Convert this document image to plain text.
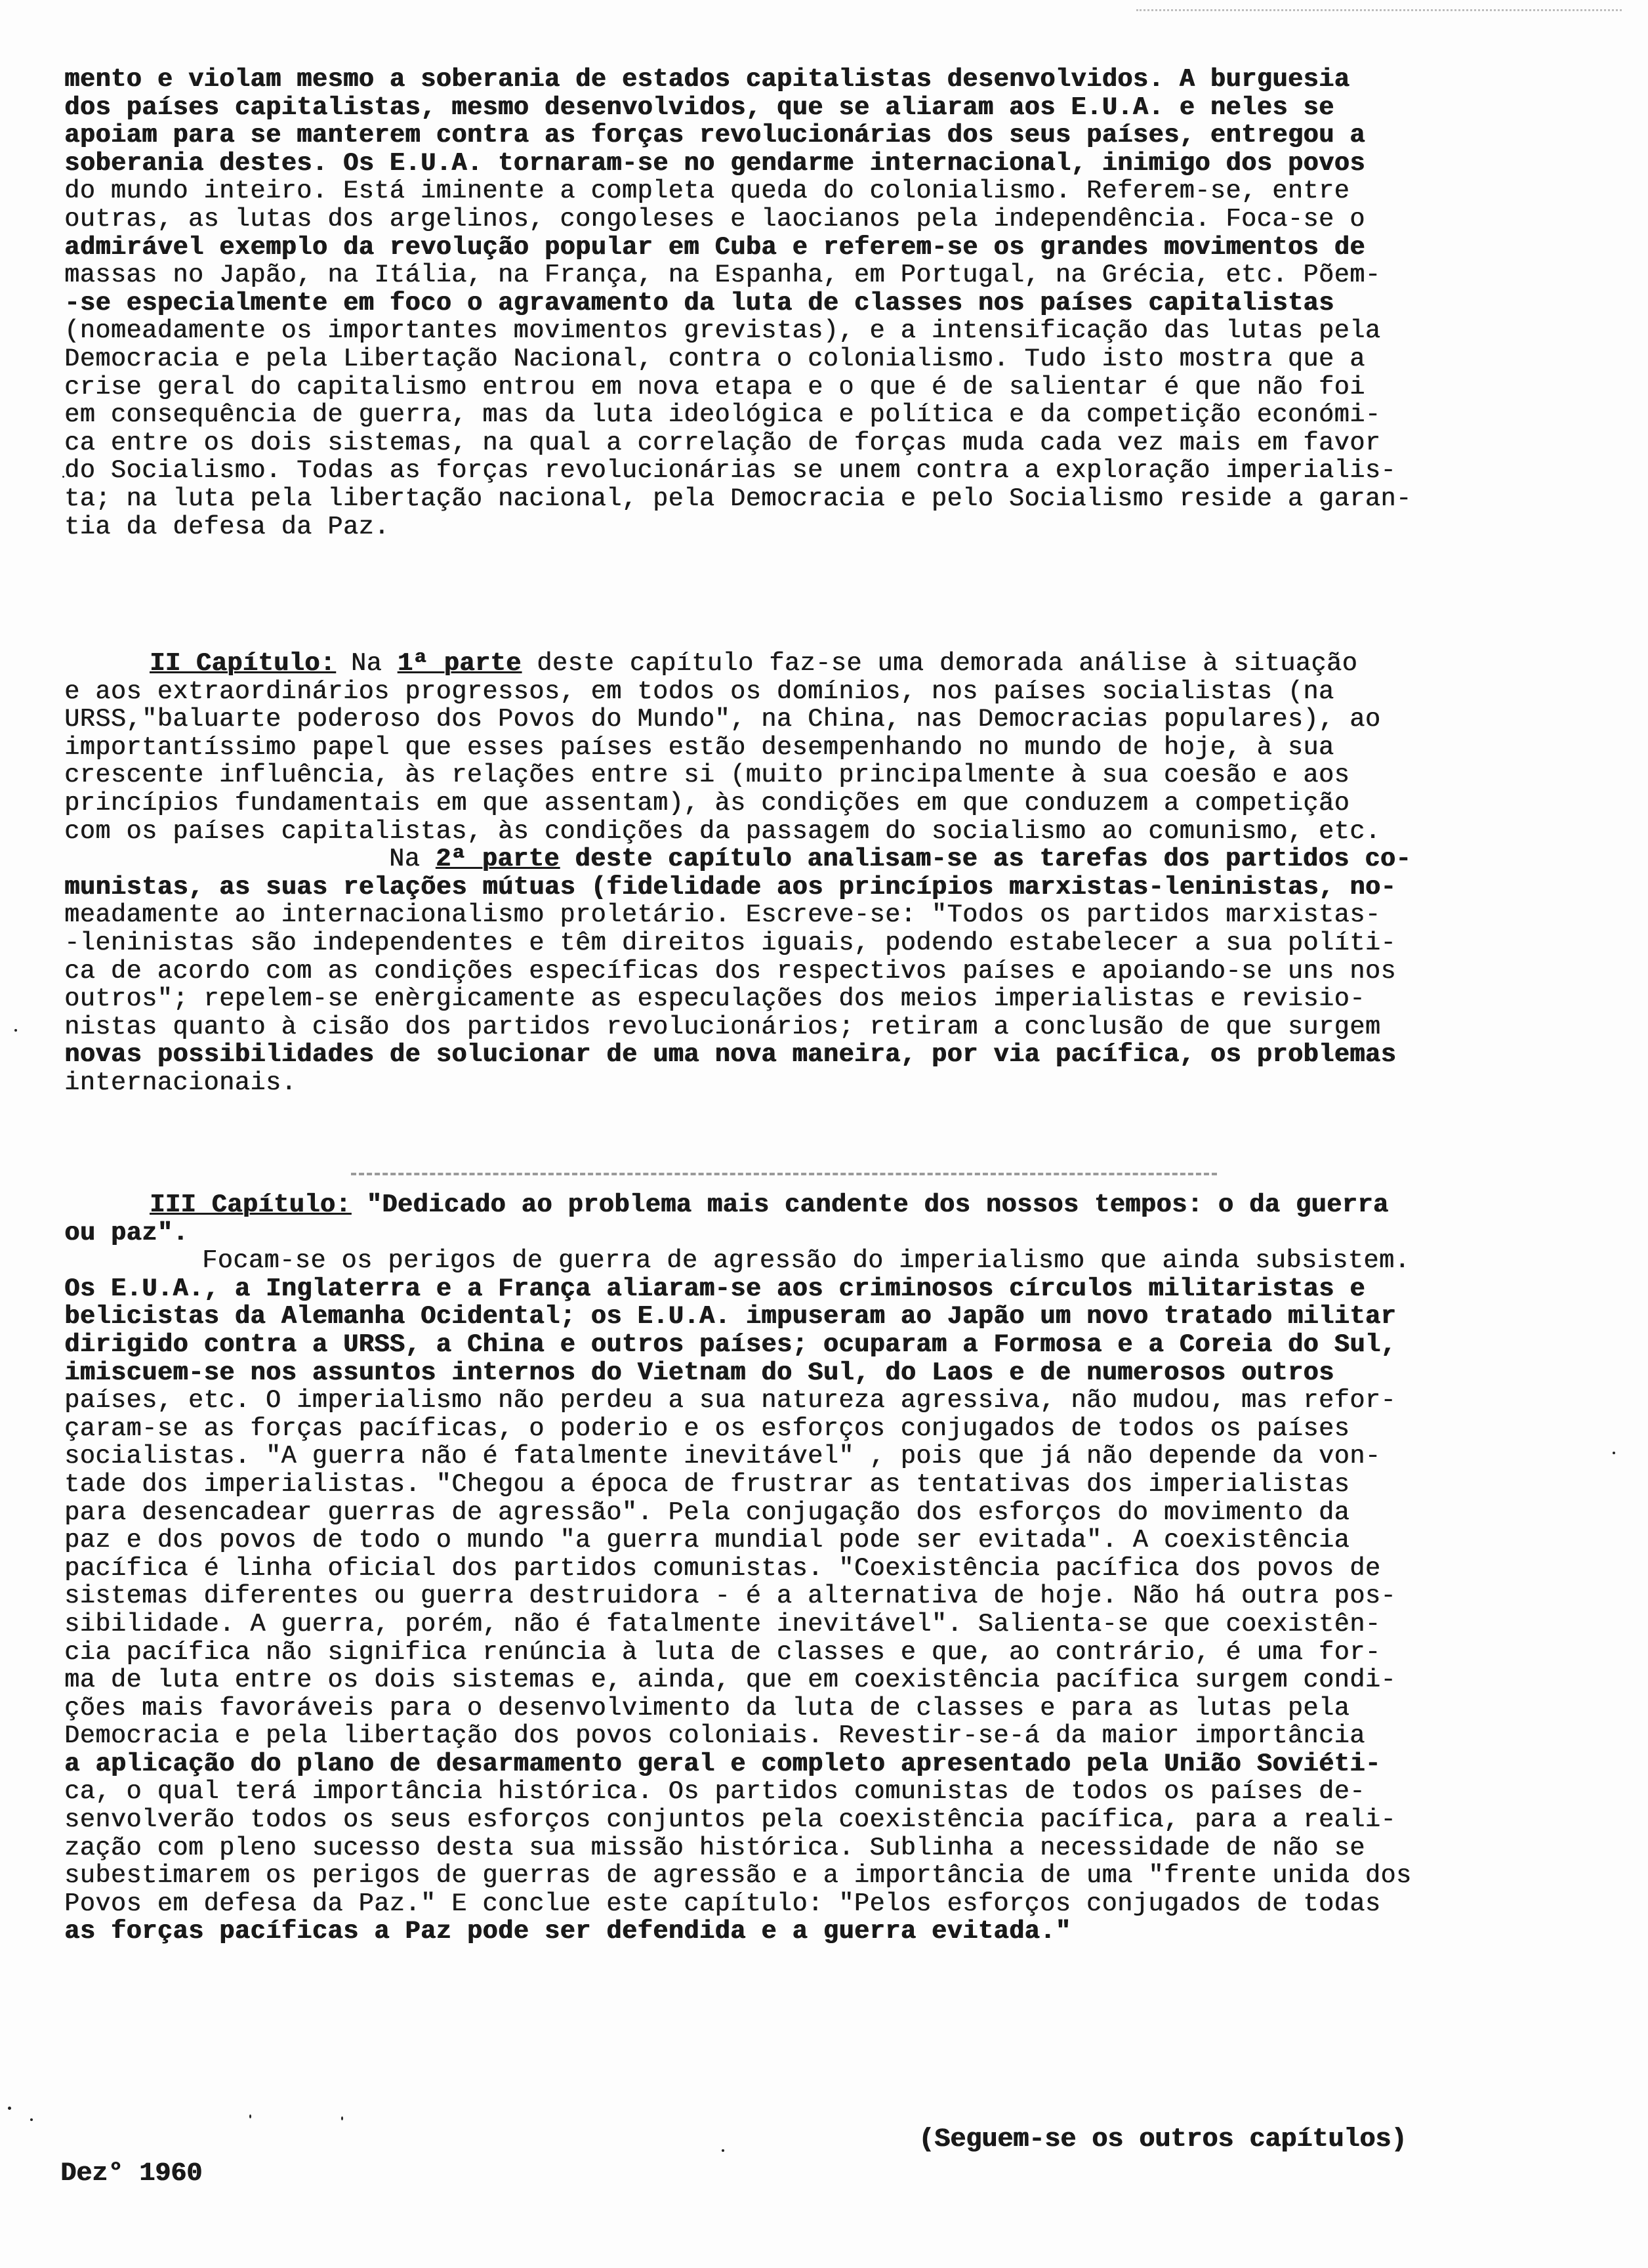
mento e violam mesmo a soberania de estados capitalistas desenvolvidos. A burguesia
dos países capitalistas, mesmo desenvolvidos, que se aliaram aos E.U.A. e neles se
apoiam para se manterem contra as forças revolucionárias dos seus países, entregou a
soberania destes. Os E.U.A. tornaram-se no gendarme internacional, inimigo dos povos
do mundo inteiro. Está iminente a completa queda do colonialismo. Referem-se, entre
outras, as lutas dos argelinos, congoleses e laocianos pela independência. Foca-se o
admirável exemplo da revolução popular em Cuba e referem-se os grandes movimentos de
massas no Japão, na Itália, na França, na Espanha, em Portugal, na Grécia, etc. Põem-
-se especialmente em foco o agravamento da luta de classes nos países capitalistas
(nomeadamente os importantes movimentos grevistas), e a intensificação das lutas pela
Democracia e pela Libertação Nacional, contra o colonialismo. Tudo isto mostra que a
crise geral do capitalismo entrou em nova etapa e o que é de salientar é que não foi
em consequência de guerra, mas da luta ideológica e política e da competição económi-
ca entre os dois sistemas, na qual a correlação de forças muda cada vez mais em favor
do Socialismo. Todas as forças revolucionárias se unem contra a exploração imperialis-
ta; na luta pela libertação nacional, pela Democracia e pelo Socialismo reside a garan-
tia da defesa da Paz.
II Capítulo: Na 1ª parte deste capítulo faz-se uma demorada análise à situação
e aos extraordinários progressos, em todos os domínios, nos países socialistas (na
URSS,"baluarte poderoso dos Povos do Mundo", na China, nas Democracias populares), ao
importantíssimo papel que esses países estão desempenhando no mundo de hoje, à sua
crescente influência, às relações entre si (muito principalmente à sua coesão e aos
princípios fundamentais em que assentam), às condições em que conduzem a competição
com os países capitalistas, às condições da passagem do socialismo ao comunismo, etc.
Na 2ª parte deste capítulo analisam-se as tarefas dos partidos co-
munistas, as suas relações mútuas (fidelidade aos princípios marxistas-leninistas, no-
meadamente ao internacionalismo proletário. Escreve-se: "Todos os partidos marxistas-
-leninistas são independentes e têm direitos iguais, podendo estabelecer a sua políti-
ca de acordo com as condições específicas dos respectivos países e apoiando-se uns nos
outros"; repelem-se enèrgicamente as especulações dos meios imperialistas e revisio-
nistas quanto à cisão dos partidos revolucionários; retiram a conclusão de que surgem
novas possibilidades de solucionar de uma nova maneira, por via pacífica, os problemas
internacionais.
III Capítulo: "Dedicado ao problema mais candente dos nossos tempos: o da guerra
ou paz".
Focam-se os perigos de guerra de agressão do imperialismo que ainda subsistem.
Os E.U.A., a Inglaterra e a França aliaram-se aos criminosos círculos militaristas e
belicistas da Alemanha Ocidental; os E.U.A. impuseram ao Japão um novo tratado militar
dirigido contra a URSS, a China e outros países; ocuparam a Formosa e a Coreia do Sul,
imiscuem-se nos assuntos internos do Vietnam do Sul, do Laos e de numerosos outros
países, etc. O imperialismo não perdeu a sua natureza agressiva, não mudou, mas refor-
çaram-se as forças pacíficas, o poderio e os esforços conjugados de todos os países
socialistas. "A guerra não é fatalmente inevitável" , pois que já não depende da von-
tade dos imperialistas. "Chegou a época de frustrar as tentativas dos imperialistas
para desencadear guerras de agressão". Pela conjugação dos esforços do movimento da
paz e dos povos de todo o mundo "a guerra mundial pode ser evitada". A coexistência
pacífica é linha oficial dos partidos comunistas. "Coexistência pacífica dos povos de
sistemas diferentes ou guerra destruidora - é a alternativa de hoje. Não há outra pos-
sibilidade. A guerra, porém, não é fatalmente inevitável". Salienta-se que coexistên-
cia pacífica não significa renúncia à luta de classes e que, ao contrário, é uma for-
ma de luta entre os dois sistemas e, ainda, que em coexistência pacífica surgem condi-
ções mais favoráveis para o desenvolvimento da luta de classes e para as lutas pela
Democracia e pela libertação dos povos coloniais. Revestir-se-á da maior importância
a aplicação do plano de desarmamento geral e completo apresentado pela União Soviéti-
ca, o qual terá importância histórica. Os partidos comunistas de todos os países de-
senvolverão todos os seus esforços conjuntos pela coexistência pacífica, para a reali-
zação com pleno sucesso desta sua missão histórica. Sublinha a necessidade de não se
subestimarem os perigos de guerras de agressão e a importância de uma "frente unida dos
Povos em defesa da Paz." E conclue este capítulo: "Pelos esforços conjugados de todas
as forças pacíficas a Paz pode ser defendida e a guerra evitada."
(Seguem-se os outros capítulos)
Dez° 1960
